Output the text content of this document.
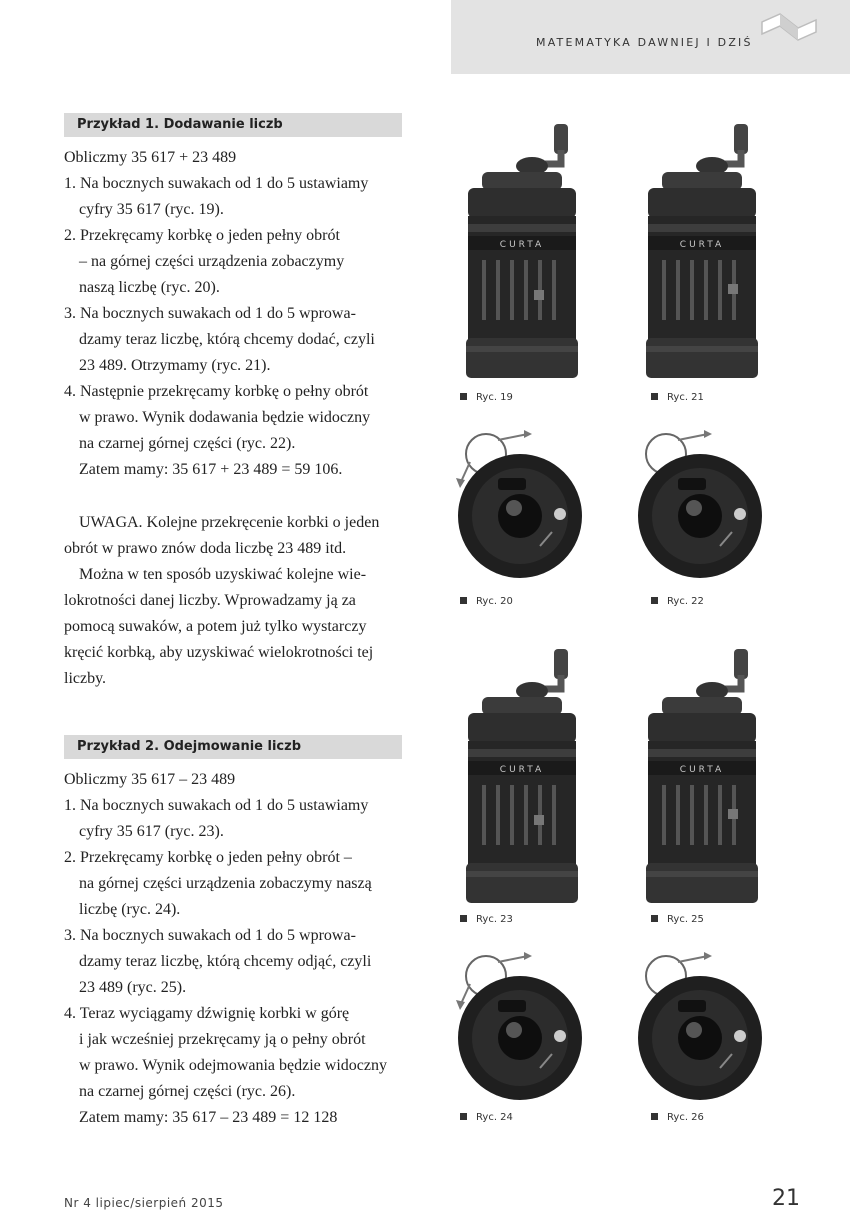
MATEMATYKA DAWNIEJ I DZIŚ
Przykład 1. Dodawanie liczb
Obliczmy 35 617 + 23 489
1. Na bocznych suwakach od 1 do 5 ustawiamy
cyfry 35 617 (ryc. 19).
2. Przekręcamy korbkę o jeden pełny obrót
– na górnej części urządzenia zobaczymy
naszą liczbę (ryc. 20).
3. Na bocznych suwakach od 1 do 5 wprowa-
dzamy teraz liczbę, którą chcemy dodać, czyli
23 489. Otrzymamy (ryc. 21).
4. Następnie przekręcamy korbkę o pełny obrót
w prawo. Wynik dodawania będzie widoczny
na czarnej górnej części (ryc. 22).
Zatem mamy: 35 617 + 23 489 = 59 106.
UWAGA. Kolejne przekręcenie korbki o jeden
obrót w prawo znów doda liczbę 23 489 itd.
Można w ten sposób uzyskiwać kolejne wie-
lokrotności danej liczby. Wprowadzamy ją za
pomocą suwaków, a potem już tylko wystarczy
kręcić korbką, aby uzyskiwać wielokrotności tej
liczby.
Przykład 2. Odejmowanie liczb
Obliczmy 35 617 – 23 489
1. Na bocznych suwakach od 1 do 5 ustawiamy
cyfry 35 617 (ryc. 23).
2. Przekręcamy korbkę o jeden pełny obrót –
na górnej części urządzenia zobaczymy naszą
liczbę (ryc. 24).
3. Na bocznych suwakach od 1 do 5 wprowa-
dzamy teraz liczbę, którą chcemy odjąć, czyli
23 489 (ryc. 25).
4. Teraz wyciągamy dźwignię korbki w górę
i jak wcześniej przekręcamy ją o pełny obrót
w prawo. Wynik odejmowania będzie widoczny
na czarnej górnej części (ryc. 26).
Zatem mamy: 35 617 – 23 489 = 12 128
CURTA	CURTA
CURTA	CURTA
Ryc. 19	Ryc. 21
Ryc. 20	Ryc. 22
Ryc. 23	Ryc. 25
Ryc. 24	Ryc. 26
Nr 4 lipiec/sierpień 2015	21
